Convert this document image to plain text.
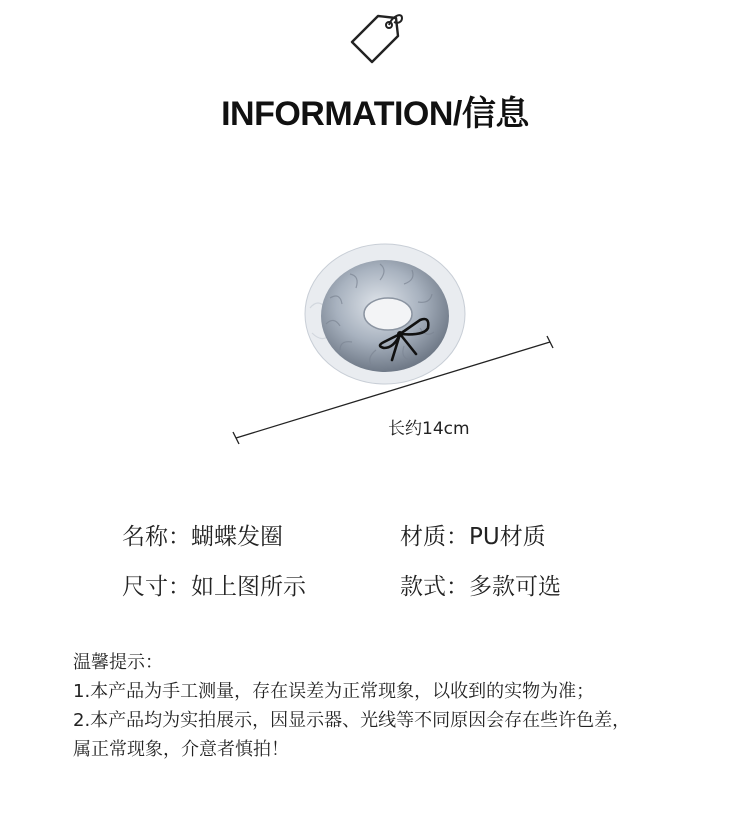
INFORMATION/信息
长约14cm
名称：蝴蝶发圈	材质：PU材质
尺寸：如上图所示	款式：多款可选
温馨提示：
1.本产品为手工测量，存在误差为正常现象，以收到的实物为准；
2.本产品均为实拍展示，因显示器、光线等不同原因会存在些许色差，
属正常现象，介意者慎拍！
